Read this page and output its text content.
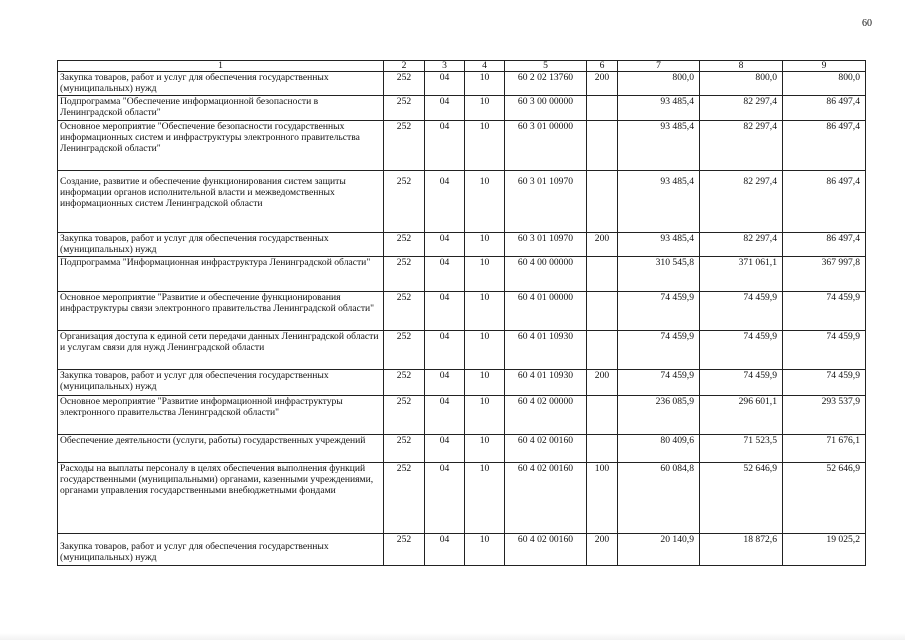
60
1	2	3	4	5	6	7	8	9
Закупка товаров, работ и услуг для обеспечения государственных (муниципальных) нужд	252	04	10	60 2 02 13760	200	800,0	800,0	800,0
Подпрограмма "Обеспечение информационной безопасности в Ленинградской области"	252	04	10	60 3 00 00000		93 485,4	82 297,4	86 497,4
Основное мероприятие "Обеспечение безопасности государственных информационных систем и инфраструктуры электронного правительства Ленинградской области"	252	04	10	60 3 01 00000		93 485,4	82 297,4	86 497,4
Создание, развитие и обеспечение функционирования систем защиты информации органов исполнительной власти и межведомственных информационных систем Ленинградской области	252	04	10	60 3 01 10970		93 485,4	82 297,4	86 497,4
Закупка товаров, работ и услуг для обеспечения государственных (муниципальных) нужд	252	04	10	60 3 01 10970	200	93 485,4	82 297,4	86 497,4
Подпрограмма "Информационная инфраструктура Ленинградской области"	252	04	10	60 4 00 00000		310 545,8	371 061,1	367 997,8
Основное мероприятие "Развитие и обеспечение функционирования инфраструктуры связи электронного правительства Ленинградской области"	252	04	10	60 4 01 00000		74 459,9	74 459,9	74 459,9
Организация доступа к единой сети передачи данных Ленинградской области и услугам связи для нужд Ленинградской области	252	04	10	60 4 01 10930		74 459,9	74 459,9	74 459,9
Закупка товаров, работ и услуг для обеспечения государственных (муниципальных) нужд	252	04	10	60 4 01 10930	200	74 459,9	74 459,9	74 459,9
Основное мероприятие "Развитие информационной инфраструктуры электронного правительства Ленинградской области"	252	04	10	60 4 02 00000		236 085,9	296 601,1	293 537,9
Обеспечение деятельности (услуги, работы) государственных учреждений	252	04	10	60 4 02 00160		80 409,6	71 523,5	71 676,1
Расходы на выплаты персоналу в целях обеспечения выполнения функций государственными (муниципальными) органами, казенными учреждениями, органами управления государственными внебюджетными фондами	252	04	10	60 4 02 00160	100	60 084,8	52 646,9	52 646,9
Закупка товаров, работ и услуг для обеспечения государственных (муниципальных) нужд	252	04	10	60 4 02 00160	200	20 140,9	18 872,6	19 025,2
